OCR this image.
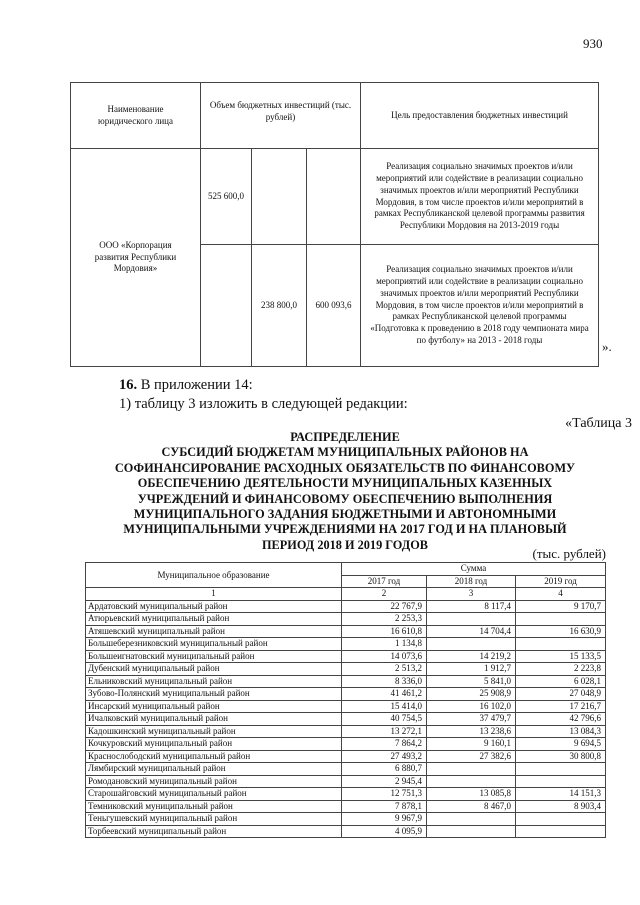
930
Наименование юридического лица	Объем бюджетных инвестиций (тыс. рублей)			Цель предоставления бюджетных инвестиций
ООО «Корпорация развития Республики Мордовия»	525 600,0			Реализация социально значимых проектов и/или мероприятий или содействие в реализации социально значимых проектов и/или мероприятий Республики Мордовия, в том числе проектов и/или мероприятий в рамках Республиканской целевой программы развития Республики Мордовия на 2013-2019 годы
		238 800,0	600 093,6	Реализация социально значимых проектов и/или мероприятий или содействие в реализации социально значимых проектов и/или мероприятий Республики Мордовия, в том числе проектов и/или мероприятий в рамках Республиканской целевой программы «Подготовка к проведению в 2018 году чемпионата мира по футболу» на 2013 - 2018 годы	».
16. В приложении 14:
1) таблицу 3 изложить в следующей редакции:
«Таблица 3
РАСПРЕДЕЛЕНИЕ
СУБСИДИЙ БЮДЖЕТАМ МУНИЦИПАЛЬНЫХ РАЙОНОВ НА
СОФИНАНСИРОВАНИЕ РАСХОДНЫХ ОБЯЗАТЕЛЬСТВ ПО ФИНАНСОВОМУ
ОБЕСПЕЧЕНИЮ ДЕЯТЕЛЬНОСТИ МУНИЦИПАЛЬНЫХ КАЗЕННЫХ
УЧРЕЖДЕНИЙ И ФИНАНСОВОМУ ОБЕСПЕЧЕНИЮ ВЫПОЛНЕНИЯ
МУНИЦИПАЛЬНОГО ЗАДАНИЯ БЮДЖЕТНЫМИ И АВТОНОМНЫМИ
МУНИЦИПАЛЬНЫМИ УЧРЕЖДЕНИЯМИ НА 2017 ГОД И НА ПЛАНОВЫЙ
ПЕРИОД 2018 И 2019 ГОДОВ
(тыс. рублей)
Муниципальное образование	Сумма		
	2017 год	2018 год	2019 год
1	2	3	4
Ардатовский муниципальный район	22 767,9	8 117,4	9 170,7
Атюрьевский муниципальный район	2 253,3		
Атяшевский муниципальный район	16 610,8	14 704,4	16 630,9
Большеберезниковский муниципальный район	1 134,8		
Большеигнатовский муниципальный район	14 073,6	14 219,2	15 133,5
Дубенский муниципальный район	2 513,2	1 912,7	2 223,8
Ельниковский муниципальный район	8 336,0	5 841,0	6 028,1
Зубово-Полянский муниципальный район	41 461,2	25 908,9	27 048,9
Инсарский муниципальный район	15 414,0	16 102,0	17 216,7
Ичалковский муниципальный район	40 754,5	37 479,7	42 796,6
Кадошкинский муниципальный район	13 272,1	13 238,6	13 084,3
Кочкуровский муниципальный район	7 864,2	9 160,1	9 694,5
Краснослободский муниципальный район	27 493,2	27 382,6	30 800,8
Лямбирский муниципальный район	6 880,7		
Ромодановский муниципальный район	2 945,4		
Старошайговский муниципальный район	12 751,3	13 085,8	14 151,3
Темниковский муниципальный район	7 878,1	8 467,0	8 903,4
Теньгушевский муниципальный район	9 967,9		
Торбеевский муниципальный район	4 095,9		
